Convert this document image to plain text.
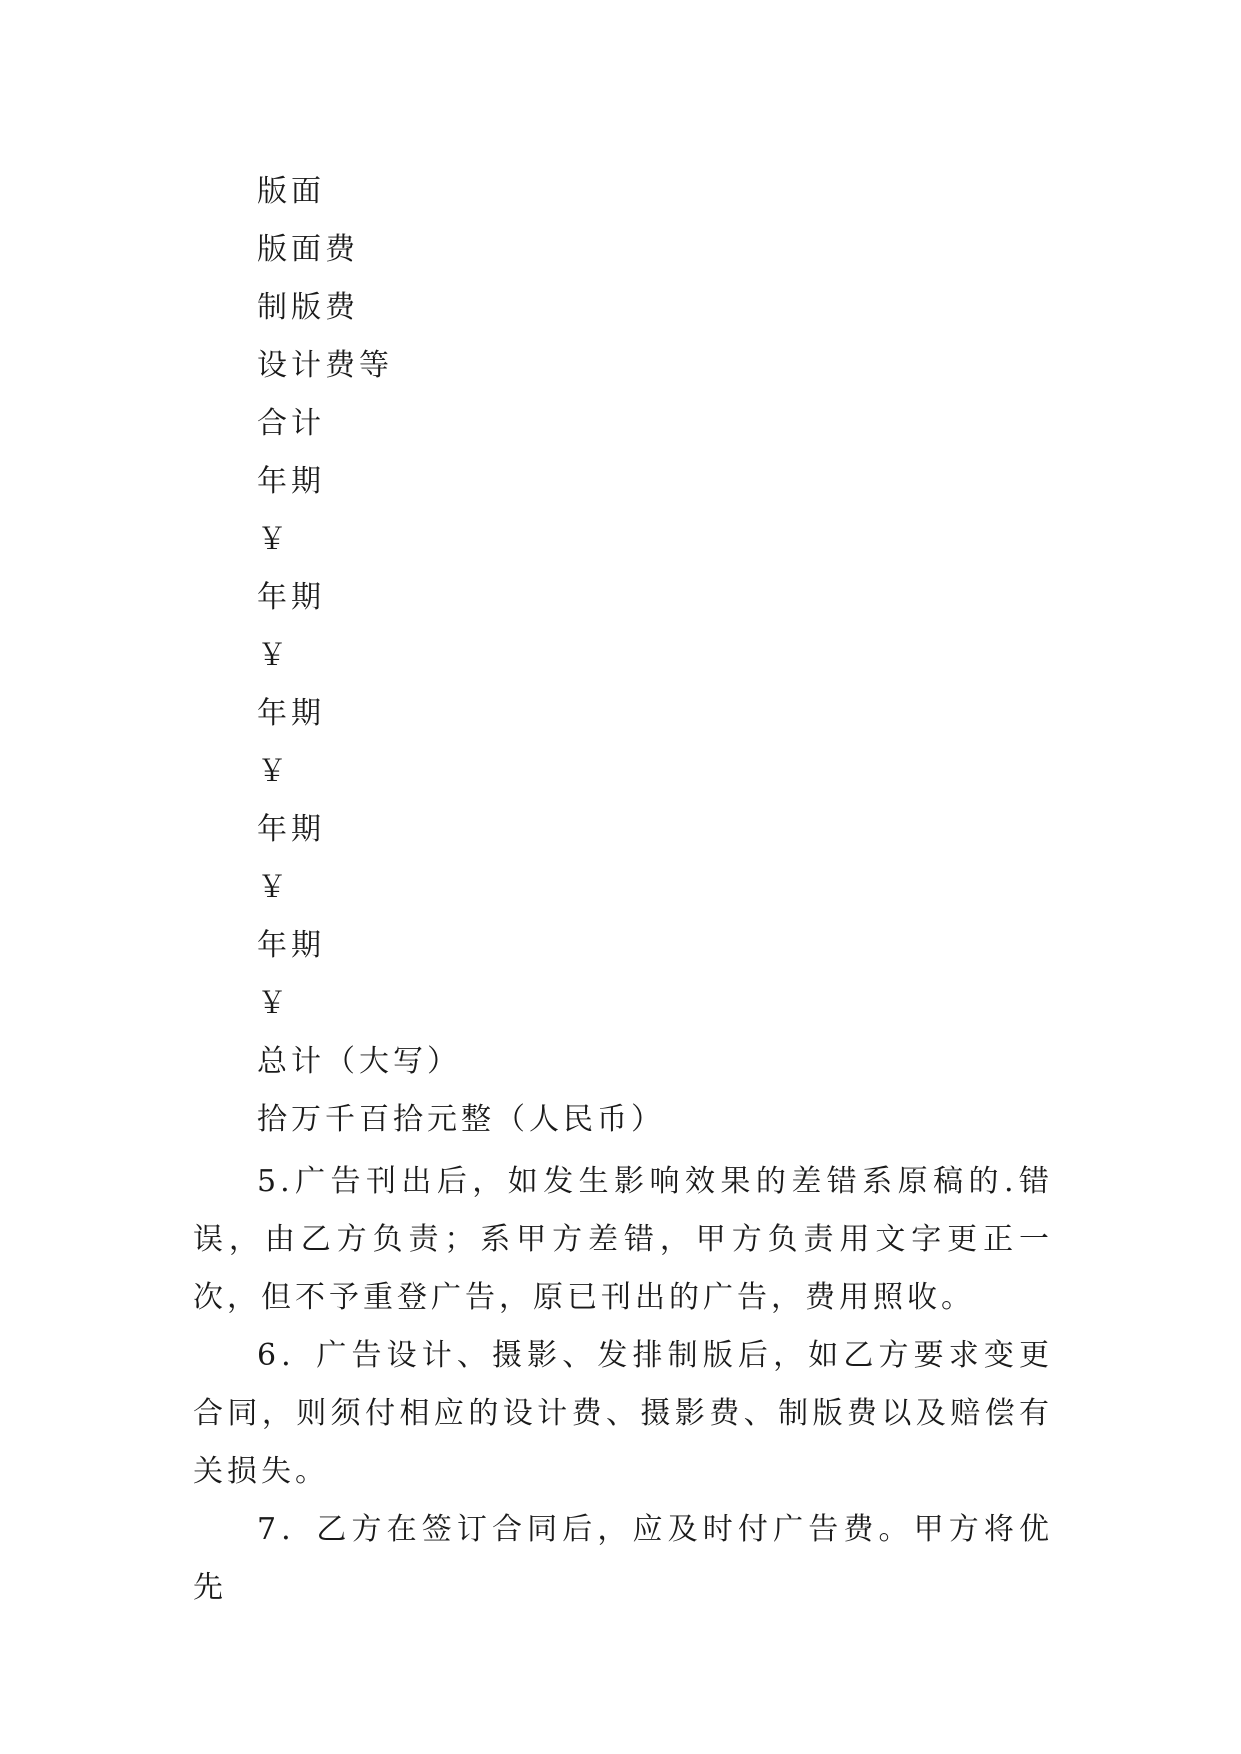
版面
版面费
制版费
设计费等
合计
年期
￥
年期
￥
年期
￥
年期
￥
年期
￥
总计（大写）
拾万千百拾元整（人民币）

5.广告刊出后，如发生影响效果的差错系原稿的.错误，由乙方负责；系甲方差错，甲方负责用文字更正一次，但不予重登广告，原已刊出的广告，费用照收。

6．广告设计、摄影、发排制版后，如乙方要求变更合同，则须付相应的设计费、摄影费、制版费以及赔偿有关损失。

7．乙方在签订合同后，应及时付广告费。甲方将优先
